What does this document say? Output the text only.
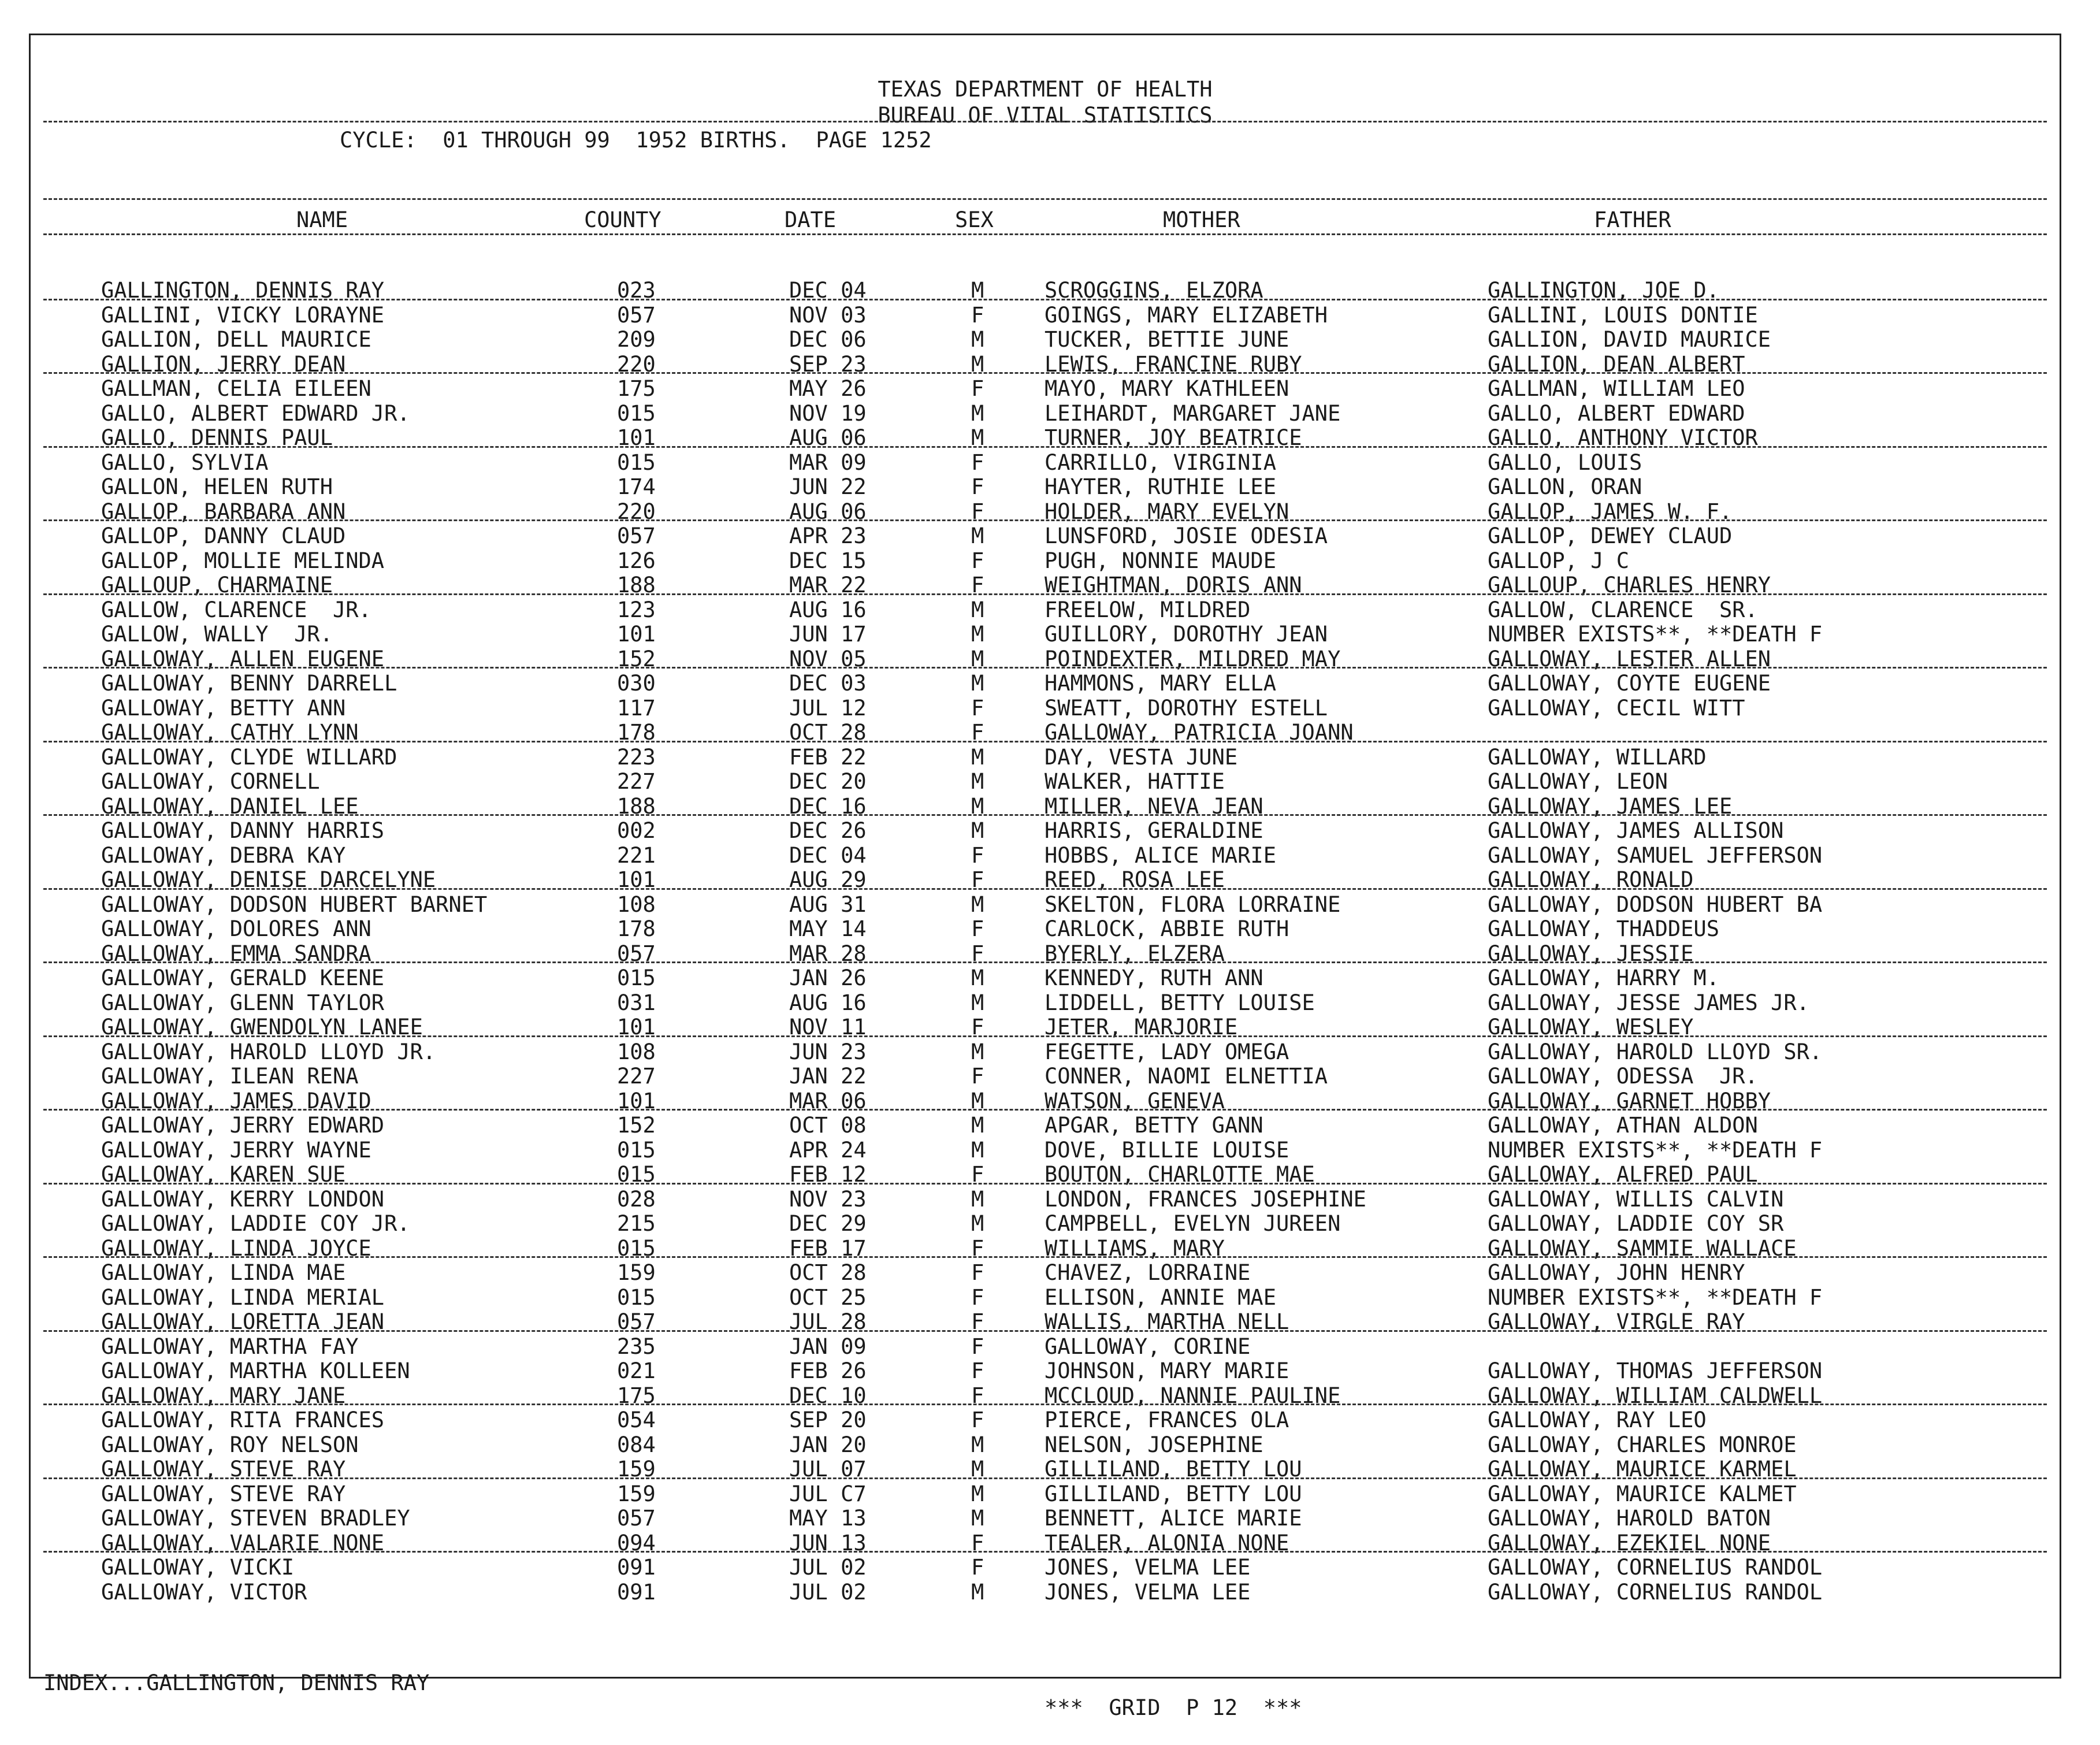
TEXAS DEPARTMENT OF HEALTH
BUREAU OF VITAL STATISTICS
CYCLE:  01 THROUGH 99  1952 BIRTHS.  PAGE 1252
NAME	COUNTY	DATE	SEX	MOTHER	FATHER
GALLINGTON, DENNIS RAY	023	DEC 04	M	SCROGGINS, ELZORA	GALLINGTON, JOE D.
GALLINI, VICKY LORAYNE	057	NOV 03	F	GOINGS, MARY ELIZABETH	GALLINI, LOUIS DONTIE
GALLION, DELL MAURICE	209	DEC 06	M	TUCKER, BETTIE JUNE	GALLION, DAVID MAURICE
GALLION, JERRY DEAN	220	SEP 23	M	LEWIS, FRANCINE RUBY	GALLION, DEAN ALBERT
GALLMAN, CELIA EILEEN	175	MAY 26	F	MAYO, MARY KATHLEEN	GALLMAN, WILLIAM LEO
GALLO, ALBERT EDWARD JR.	015	NOV 19	M	LEIHARDT, MARGARET JANE	GALLO, ALBERT EDWARD
GALLO, DENNIS PAUL	101	AUG 06	M	TURNER, JOY BEATRICE	GALLO, ANTHONY VICTOR
GALLO, SYLVIA	015	MAR 09	F	CARRILLO, VIRGINIA	GALLO, LOUIS
GALLON, HELEN RUTH	174	JUN 22	F	HAYTER, RUTHIE LEE	GALLON, ORAN
GALLOP, BARBARA ANN	220	AUG 06	F	HOLDER, MARY EVELYN	GALLOP, JAMES W. F.
GALLOP, DANNY CLAUD	057	APR 23	M	LUNSFORD, JOSIE ODESIA	GALLOP, DEWEY CLAUD
GALLOP, MOLLIE MELINDA	126	DEC 15	F	PUGH, NONNIE MAUDE	GALLOP, J C
GALLOUP, CHARMAINE	188	MAR 22	F	WEIGHTMAN, DORIS ANN	GALLOUP, CHARLES HENRY
GALLOW, CLARENCE  JR.	123	AUG 16	M	FREELOW, MILDRED	GALLOW, CLARENCE  SR.
GALLOW, WALLY  JR.	101	JUN 17	M	GUILLORY, DOROTHY JEAN	NUMBER EXISTS**, **DEATH F
GALLOWAY, ALLEN EUGENE	152	NOV 05	M	POINDEXTER, MILDRED MAY	GALLOWAY, LESTER ALLEN
GALLOWAY, BENNY DARRELL	030	DEC 03	M	HAMMONS, MARY ELLA	GALLOWAY, COYTE EUGENE
GALLOWAY, BETTY ANN	117	JUL 12	F	SWEATT, DOROTHY ESTELL	GALLOWAY, CECIL WITT
GALLOWAY, CATHY LYNN	178	OCT 28	F	GALLOWAY, PATRICIA JOANN
GALLOWAY, CLYDE WILLARD	223	FEB 22	M	DAY, VESTA JUNE	GALLOWAY, WILLARD
GALLOWAY, CORNELL	227	DEC 20	M	WALKER, HATTIE	GALLOWAY, LEON
GALLOWAY, DANIEL LEE	188	DEC 16	M	MILLER, NEVA JEAN	GALLOWAY, JAMES LEE
GALLOWAY, DANNY HARRIS	002	DEC 26	M	HARRIS, GERALDINE	GALLOWAY, JAMES ALLISON
GALLOWAY, DEBRA KAY	221	DEC 04	F	HOBBS, ALICE MARIE	GALLOWAY, SAMUEL JEFFERSON
GALLOWAY, DENISE DARCELYNE	101	AUG 29	F	REED, ROSA LEE	GALLOWAY, RONALD
GALLOWAY, DODSON HUBERT BARNET	108	AUG 31	M	SKELTON, FLORA LORRAINE	GALLOWAY, DODSON HUBERT BA
GALLOWAY, DOLORES ANN	178	MAY 14	F	CARLOCK, ABBIE RUTH	GALLOWAY, THADDEUS
GALLOWAY, EMMA SANDRA	057	MAR 28	F	BYERLY, ELZERA	GALLOWAY, JESSIE
GALLOWAY, GERALD KEENE	015	JAN 26	M	KENNEDY, RUTH ANN	GALLOWAY, HARRY M.
GALLOWAY, GLENN TAYLOR	031	AUG 16	M	LIDDELL, BETTY LOUISE	GALLOWAY, JESSE JAMES JR.
GALLOWAY, GWENDOLYN LANEE	101	NOV 11	F	JETER, MARJORIE	GALLOWAY, WESLEY
GALLOWAY, HAROLD LLOYD JR.	108	JUN 23	M	FEGETTE, LADY OMEGA	GALLOWAY, HAROLD LLOYD SR.
GALLOWAY, ILEAN RENA	227	JAN 22	F	CONNER, NAOMI ELNETTIA	GALLOWAY, ODESSA  JR.
GALLOWAY, JAMES DAVID	101	MAR 06	M	WATSON, GENEVA	GALLOWAY, GARNET HOBBY
GALLOWAY, JERRY EDWARD	152	OCT 08	M	APGAR, BETTY GANN	GALLOWAY, ATHAN ALDON
GALLOWAY, JERRY WAYNE	015	APR 24	M	DOVE, BILLIE LOUISE	NUMBER EXISTS**, **DEATH F
GALLOWAY, KAREN SUE	015	FEB 12	F	BOUTON, CHARLOTTE MAE	GALLOWAY, ALFRED PAUL
GALLOWAY, KERRY LONDON	028	NOV 23	M	LONDON, FRANCES JOSEPHINE	GALLOWAY, WILLIS CALVIN
GALLOWAY, LADDIE COY JR.	215	DEC 29	M	CAMPBELL, EVELYN JUREEN	GALLOWAY, LADDIE COY SR
GALLOWAY, LINDA JOYCE	015	FEB 17	F	WILLIAMS, MARY	GALLOWAY, SAMMIE WALLACE
GALLOWAY, LINDA MAE	159	OCT 28	F	CHAVEZ, LORRAINE	GALLOWAY, JOHN HENRY
GALLOWAY, LINDA MERIAL	015	OCT 25	F	ELLISON, ANNIE MAE	NUMBER EXISTS**, **DEATH F
GALLOWAY, LORETTA JEAN	057	JUL 28	F	WALLIS, MARTHA NELL	GALLOWAY, VIRGLE RAY
GALLOWAY, MARTHA FAY	235	JAN 09	F	GALLOWAY, CORINE
GALLOWAY, MARTHA KOLLEEN	021	FEB 26	F	JOHNSON, MARY MARIE	GALLOWAY, THOMAS JEFFERSON
GALLOWAY, MARY JANE	175	DEC 10	F	MCCLOUD, NANNIE PAULINE	GALLOWAY, WILLIAM CALDWELL
GALLOWAY, RITA FRANCES	054	SEP 20	F	PIERCE, FRANCES OLA	GALLOWAY, RAY LEO
GALLOWAY, ROY NELSON	084	JAN 20	M	NELSON, JOSEPHINE	GALLOWAY, CHARLES MONROE
GALLOWAY, STEVE RAY	159	JUL 07	M	GILLILAND, BETTY LOU	GALLOWAY, MAURICE KARMEL
GALLOWAY, STEVE RAY	159	JUL C7	M	GILLILAND, BETTY LOU	GALLOWAY, MAURICE KALMET
GALLOWAY, STEVEN BRADLEY	057	MAY 13	M	BENNETT, ALICE MARIE	GALLOWAY, HAROLD BATON
GALLOWAY, VALARIE NONE	094	JUN 13	F	TEALER, ALONIA NONE	GALLOWAY, EZEKIEL NONE
GALLOWAY, VICKI	091	JUL 02	F	JONES, VELMA LEE	GALLOWAY, CORNELIUS RANDOL
GALLOWAY, VICTOR	091	JUL 02	M	JONES, VELMA LEE	GALLOWAY, CORNELIUS RANDOL

INDEX...GALLINGTON, DENNIS RAY

***  GRID  P 12  ***
